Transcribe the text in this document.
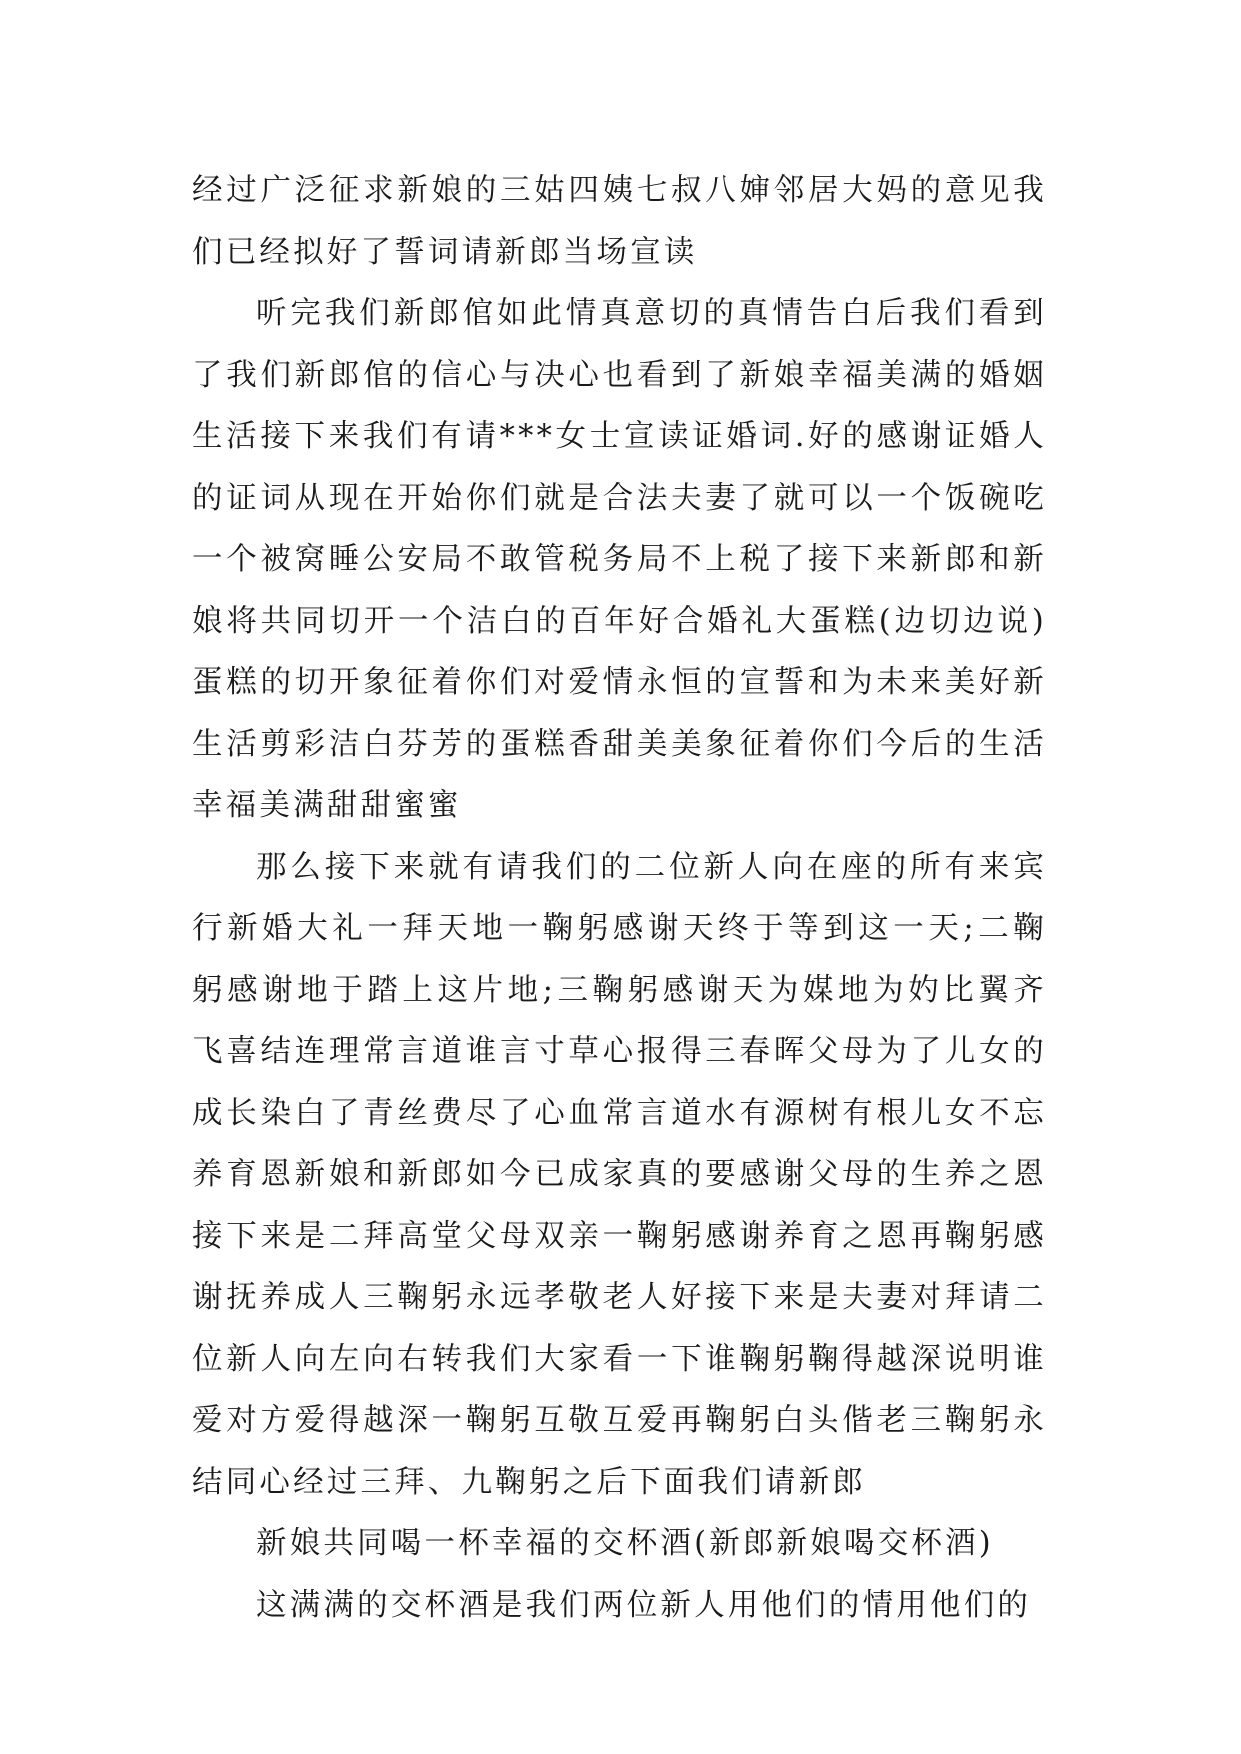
经过广泛征求新娘的三姑四姨七叔八婶邻居大妈的意见我们已经拟好了誓词请新郎当场宣读

听完我们新郎倌如此情真意切的真情告白后我们看到了我们新郎倌的信心与决心也看到了新娘幸福美满的婚姻生活接下来我们有请***女士宣读证婚词.好的感谢证婚人的证词从现在开始你们就是合法夫妻了就可以一个饭碗吃一个被窝睡公安局不敢管税务局不上税了接下来新郎和新娘将共同切开一个洁白的百年好合婚礼大蛋糕(边切边说)蛋糕的切开象征着你们对爱情永恒的宣誓和为未来美好新生活剪彩洁白芬芳的蛋糕香甜美美象征着你们今后的生活幸福美满甜甜蜜蜜

那么接下来就有请我们的二位新人向在座的所有来宾行新婚大礼一拜天地一鞠躬感谢天终于等到这一天;二鞠躬感谢地于踏上这片地;三鞠躬感谢天为媒地为妁比翼齐飞喜结连理常言道谁言寸草心报得三春晖父母为了儿女的成长染白了青丝费尽了心血常言道水有源树有根儿女不忘养育恩新娘和新郎如今已成家真的要感谢父母的生养之恩接下来是二拜高堂父母双亲一鞠躬感谢养育之恩再鞠躬感谢抚养成人三鞠躬永远孝敬老人好接下来是夫妻对拜请二位新人向左向右转我们大家看一下谁鞠躬鞠得越深说明谁爱对方爱得越深一鞠躬互敬互爱再鞠躬白头偕老三鞠躬永结同心经过三拜、九鞠躬之后下面我们请新郎

新娘共同喝一杯幸福的交杯酒(新郎新娘喝交杯酒)

这满满的交杯酒是我们两位新人用他们的情用他们的
